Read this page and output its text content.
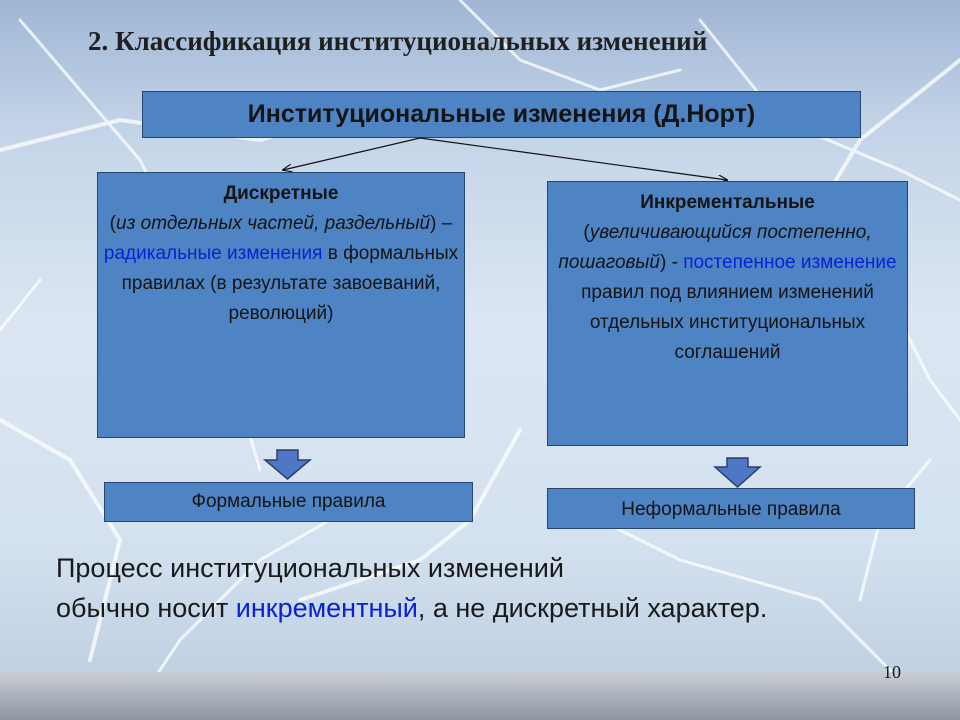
2. Классификация институциональных изменений
Институциональные изменения (Д.Норт)
Дискретные
(из отдельных частей, раздельный) – радикальные изменения в формальных правилах (в результате завоеваний, революций)
Инкрементальные
(увеличивающийся постепенно, пошаговый) - постепенное изменение правил под влиянием изменений отдельных институциональных соглашений
Формальные правила	Неформальные правила
Процесс институциональных изменений
обычно носит инкрементный, а не дискретный характер.
10
